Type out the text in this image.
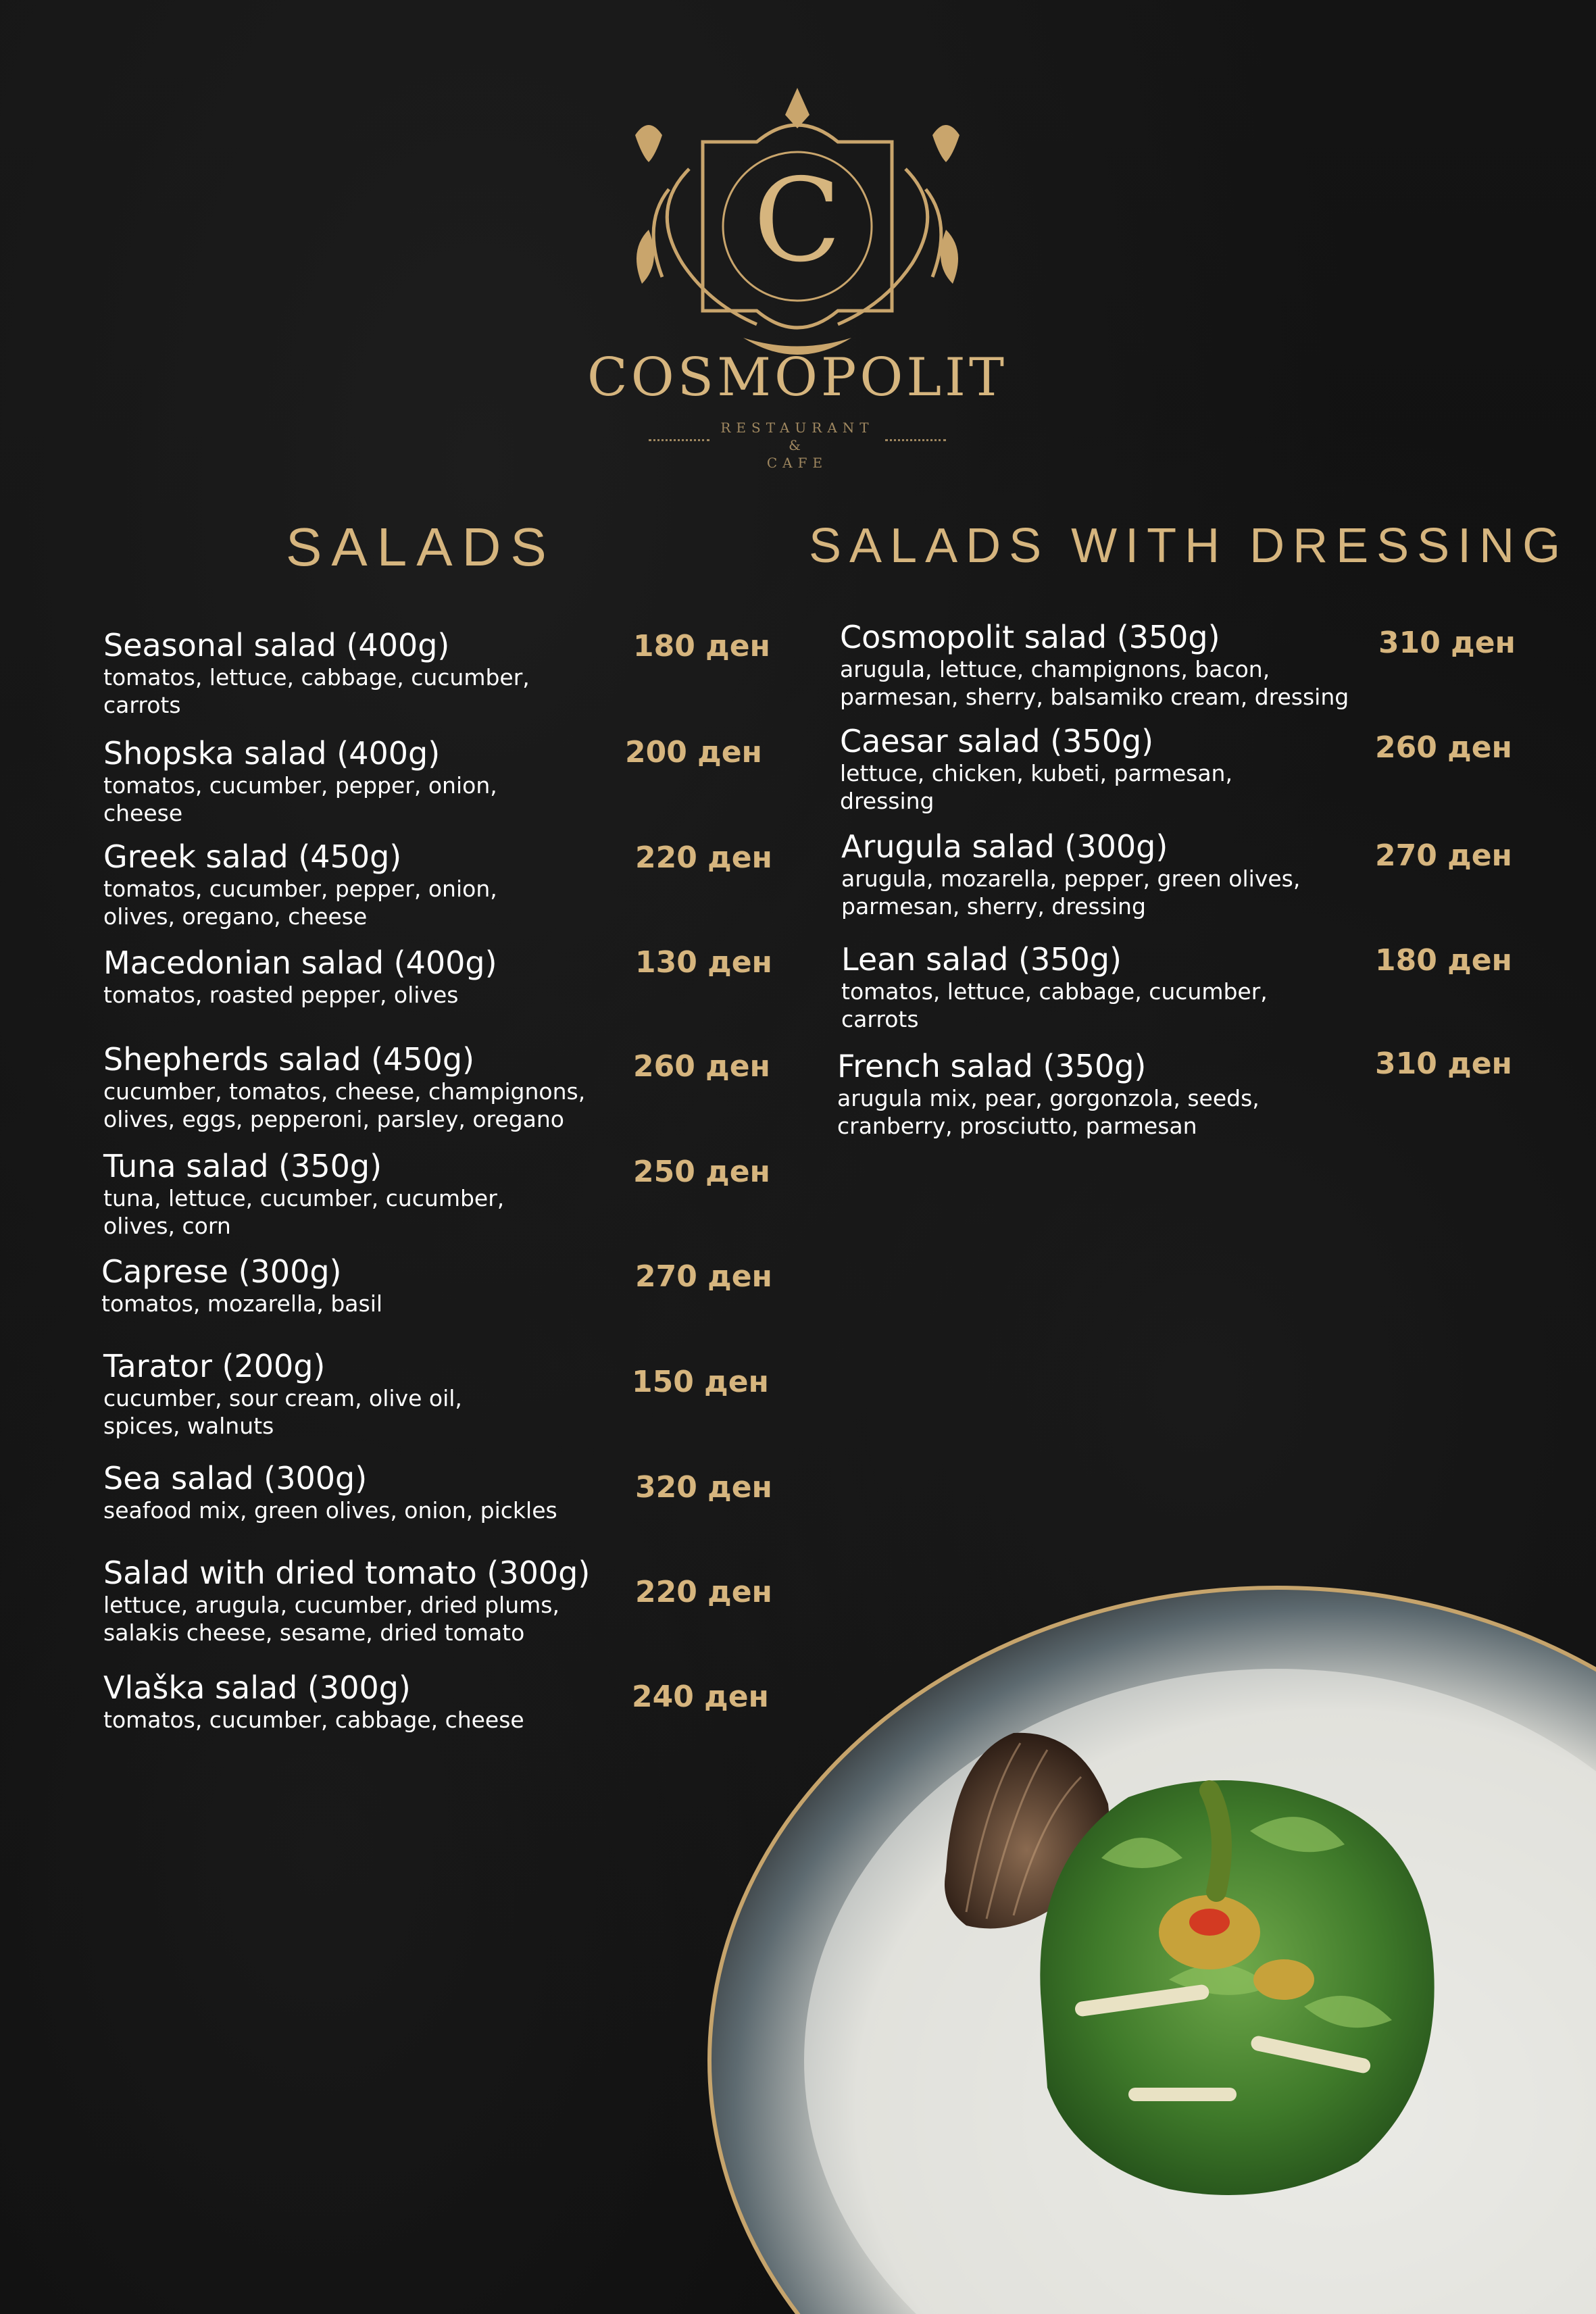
C
COSMOPOLIT
RESTAURANT
&
CAFE
SALADS	SALADS WITH DRESSING
Seasonal salad (400g)
tomatos, lettuce, cabbage, cucumber,
carrots
180 ден
Shopska salad (400g)
tomatos, cucumber, pepper, onion,
cheese
200 ден
Greek salad (450g)
tomatos, cucumber, pepper, onion,
olives, oregano, cheese
220 ден
Macedonian salad (400g)
tomatos, roasted pepper, olives
130 ден
Shepherds salad (450g)
cucumber, tomatos, cheese, champignons,
olives, eggs, pepperoni, parsley, oregano
260 ден
Tuna salad (350g)
tuna, lettuce, cucumber, cucumber,
olives, corn
250 ден
Caprese (300g)
tomatos, mozarella, basil
270 ден
Tarator (200g)
cucumber, sour cream, olive oil,
spices, walnuts
150 ден
Sea salad (300g)
seafood mix, green olives, onion, pickles
320 ден
Salad with dried tomato (300g)
lettuce, arugula, cucumber, dried plums,
salakis cheese, sesame, dried tomato
220 ден
Vlaška salad (300g)
tomatos, cucumber, cabbage, cheese
240 ден
Cosmopolit salad (350g)
arugula, lettuce, champignons, bacon,
parmesan, sherry, balsamiko cream, dressing
310 ден
Caesar salad (350g)
lettuce, chicken, kubeti, parmesan,
dressing
260 ден
Arugula salad (300g)
arugula, mozarella, pepper, green olives,
parmesan, sherry, dressing
270 ден
Lean salad (350g)
tomatos, lettuce, cabbage, cucumber,
carrots
180 ден
French salad (350g)
arugula mix, pear, gorgonzola, seeds,
cranberry, prosciutto, parmesan
310 ден
